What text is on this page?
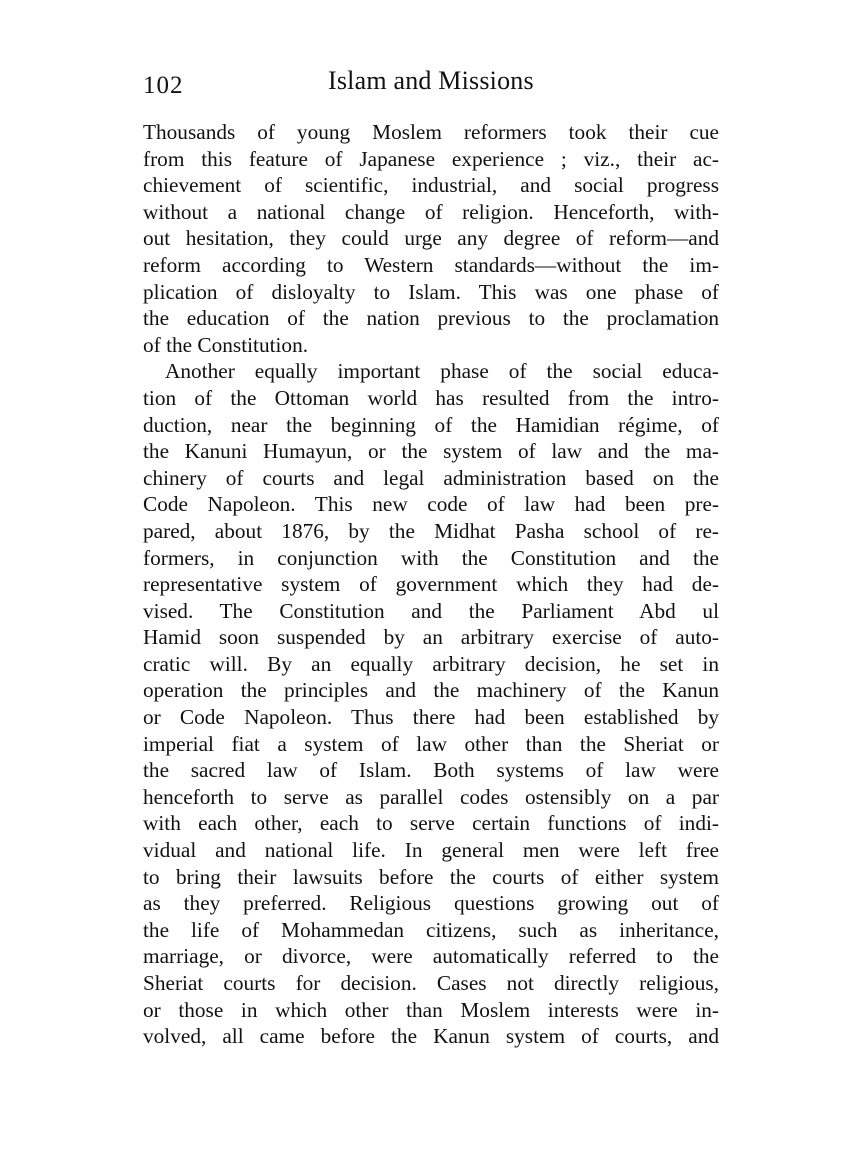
102	Islam and Missions
Thousands of young Moslem reformers took their cue
from this feature of Japanese experience ; viz., their ac-
chievement of scientific, industrial, and social progress
without a national change of religion. Henceforth, with-
out hesitation, they could urge any degree of reform—and
reform according to Western standards—without the im-
plication of disloyalty to Islam. This was one phase of
the education of the nation previous to the proclamation
of the Constitution.
Another equally important phase of the social educa-
tion of the Ottoman world has resulted from the intro-
duction, near the beginning of the Hamidian régime, of
the Kanuni Humayun, or the system of law and the ma-
chinery of courts and legal administration based on the
Code Napoleon. This new code of law had been pre-
pared, about 1876, by the Midhat Pasha school of re-
formers, in conjunction with the Constitution and the
representative system of government which they had de-
vised. The Constitution and the Parliament Abd ul
Hamid soon suspended by an arbitrary exercise of auto-
cratic will. By an equally arbitrary decision, he set in
operation the principles and the machinery of the Kanun
or Code Napoleon. Thus there had been established by
imperial fiat a system of law other than the Sheriat or
the sacred law of Islam. Both systems of law were
henceforth to serve as parallel codes ostensibly on a par
with each other, each to serve certain functions of indi-
vidual and national life. In general men were left free
to bring their lawsuits before the courts of either system
as they preferred. Religious questions growing out of
the life of Mohammedan citizens, such as inheritance,
marriage, or divorce, were automatically referred to the
Sheriat courts for decision. Cases not directly religious,
or those in which other than Moslem interests were in-
volved, all came before the Kanun system of courts, and
